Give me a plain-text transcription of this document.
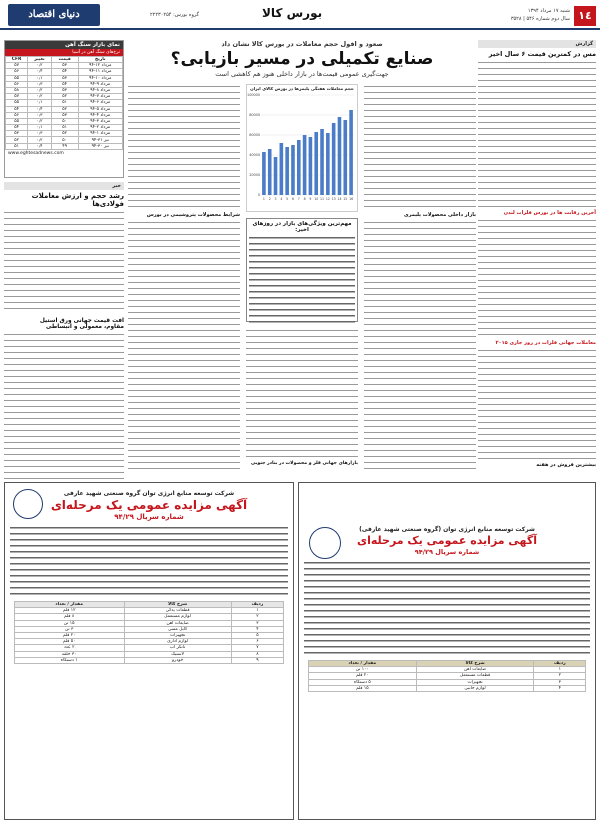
١٤
شنبه ۱۷ مرداد ۱۳۹۴
سال دوم شماره ۵۴۶ | ۳۵۲۸
گروه بورس: ۲۲۲۳۰۲۵۴	بورس کالا
دنیای اقتصاد
گزارش
مس در کمترین قیمت ۶ سال اخیر
آخرین رقابت ها در بورس فلزات لندن
معاملات جهانی فلزات در روز جاری ۲۰۱۵
بیشترین فروش در هفته
صعود و افول حجم معاملات در بورس کالا نشان داد
صنایع تکمیلی در مسیر بازیابی؟
جهت‌گیری عمومی قیمت‌ها در بازار داخلی هنوز هم کاهشی است
بازار داخلی محصولات پلیمری
حجم معاملات هفتگی پلیمرها در بورس کالای ایران
0
20000
40000
60000
80000
100000
1 2 3 4 5 6 7 8 9 10 11 12 13 14 15 16
شرایط محصولات پتروشیمی در بورس
مهم‌ترین ویژگی‌های بازار در روزهای اخیر:
بازارهای جهانی فلز و محصولات در بنادر جنوبی
نمای بازار سنگ آهن
نرخ‌های سنگ آهن در آسیا
تاریخ	قیمت	تغییر	CFR
مرداد ۱۲-۹۴	۵۳	۰٫۲	۵۷
مرداد ۱۱-۹۴	۵۴	۰٫۴	۵۶
مرداد ۱۰-۹۴	۵۳	۰٫۱	۵۵
مرداد ۹-۹۴	۵۴	۰٫۳	۵۶
مرداد ۸-۹۴	۵۳	۰٫۲	۵۸
مرداد ۷-۹۴	۵۲	۰٫۲	۵۷
مرداد ۶-۹۴	۵۱	۰٫۱	۵۵
مرداد ۵-۹۴	۵۲	۰٫۴	۵۴
مرداد ۴-۹۴	۵۳	۰٫۳	۵۶
مرداد ۳-۹۴	۵۰	۰٫۲	۵۵
مرداد ۲-۹۴	۵۱	۰٫۱	۵۴
مرداد ۱-۹۴	۵۲	۰٫۳	۵۳
تیر ۳۱-۹۴	۵۰	۰٫۲	۵۲
تیر ۳۰-۹۴	۴۹	۰٫۴	۵۱
www.eghtesadnews.com
خبر
رشد حجم و ارزش معاملات فولادی‌ها
افت قیمت جهانی ورق استیل
مقاوم، معمولی و انبساطی
شرکت توسعه منابع انرژی توان گروه صنعتی شهید عارفی
آگهی مزایده عمومی یک مرحله‌ای
شماره سریال ۹۴/۲۹
ردیف	شرح کالا	مقدار / تعداد
۱	قطعات یدکی	۱۲ قلم
۲	لوازم مستعمل	۸ قلم
۳	ضایعات آهن	۱۵ تن
۴	کابل مسی	۳ تن
۵	تجهیزات	۲۰ قلم
۶	لوازم اداری	۵۰ قلم
۷	تانکر آب	۲ عدد
۸	لاستیک	۳۰ حلقه
۹	خودرو	۱ دستگاه
شرکت توسعه منابع انرژی توان (گروه صنعتی شهید عارفی)
آگهی مزایده عمومی یک مرحله‌ای
شماره سریال ۹۴/۲۹
ردیف	شرح کالا	مقدار / تعداد
۱	ضایعات آهن	۱۰۰ تن
۲	قطعات مستعمل	۲۰ قلم
۳	تجهیزات	۵ دستگاه
۴	لوازم جانبی	۱۵ قلم
